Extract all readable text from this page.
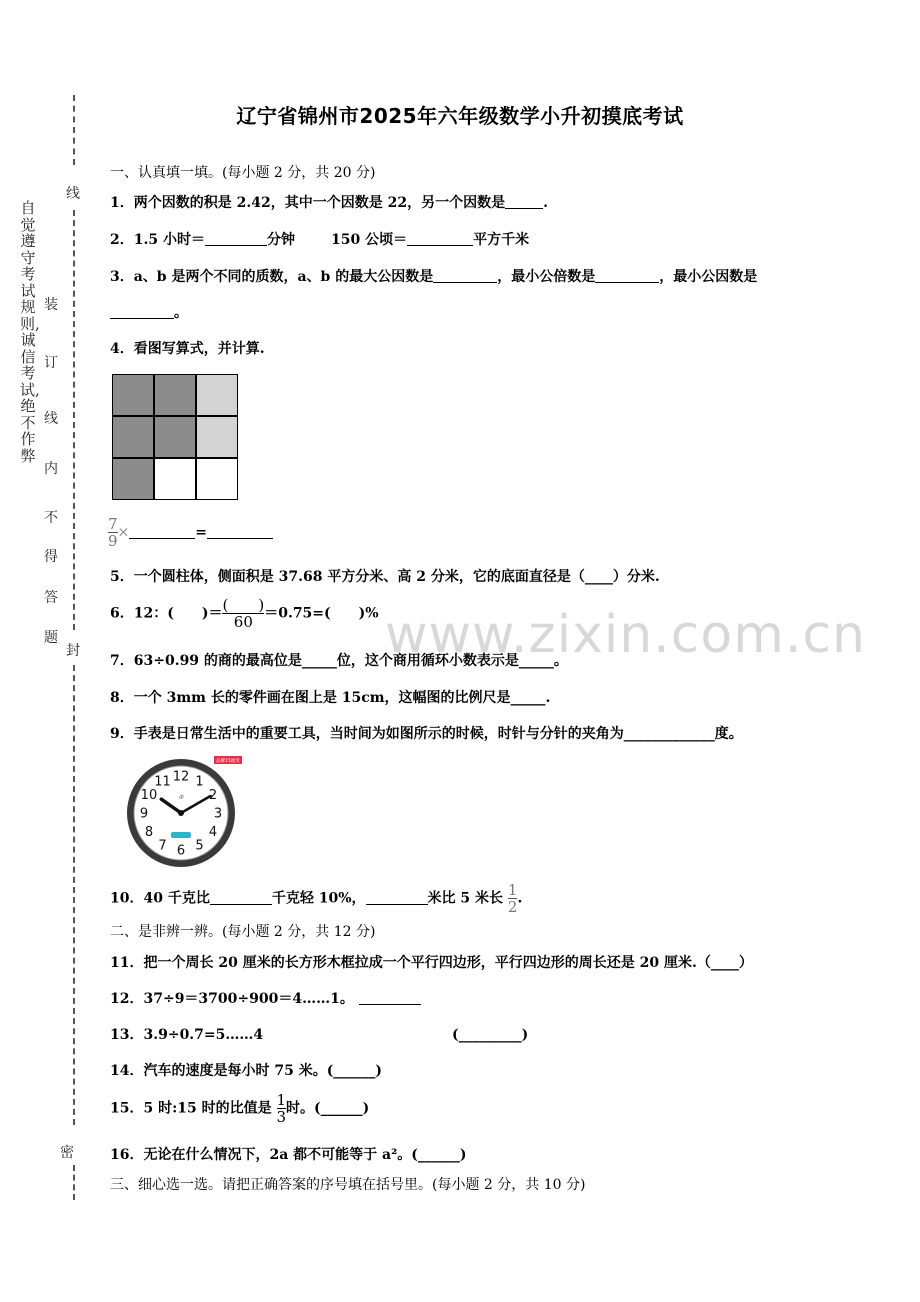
线
封
密
自觉遵守考试规则,诚信考试,绝不作弊
装
订
线
内
不
得
答
题
辽宁省锦州市2025年六年级数学小升初摸底考试
www.zixin.com.cn
一、认真填一填。(每小题 2 分，共 20 分)
1．两个因数的积是 2.42，其中一个因数是 22，另一个因数是	.
2．1.5 小时＝	分钟	150 公顷＝	平方千米
3．a、b 是两个不同的质数，a、b 的最大公因数是	，最小公倍数是	，最小公因数是
。
4．看图写算式，并计算.
$\frac{7}{9}$ ×	=
5．一个圆柱体，侧面积是 37.68 平方分米、高 2 分米，它的底面直径是（____）分米.
6．12：(　　)＝ $\frac{( )}{60} =0.75=$(　　)%
7．63÷0.99 的商的最高位是_____位，这个商用循环小数表示是_____。
8．一个 3mm 长的零件画在图上是 15cm，这幅图的比例尺是_____.
9．手表是日常生活中的重要工具，当时间为如图所示的时候，时针与分针的夹角为_____________度。
品牌15厘米
12 1
2
3
4
5
6
7
8
9
10
11
♔
10．40 千克比	千克轻 10%，	米比 5 米长 $\frac{1}{2}$ .
二、是非辨一辨。(每小题 2 分，共 12 分)
11．把一个周长 20 厘米的长方形木框拉成一个平行四边形，平行四边形的周长还是 20 厘米.（____）
12．37÷9＝3700÷900＝4……1。
13．3.9÷0.7=5……4	(_________)
14．汽车的速度是每小时 75 米。(______)
15．5 时:15 时的比值是 $\frac{1}{3}$ 时。(______)
16．无论在什么情况下，2a 都不可能等于 a²。(______)
三、细心选一选。请把正确答案的序号填在括号里。(每小题 2 分，共 10 分)
